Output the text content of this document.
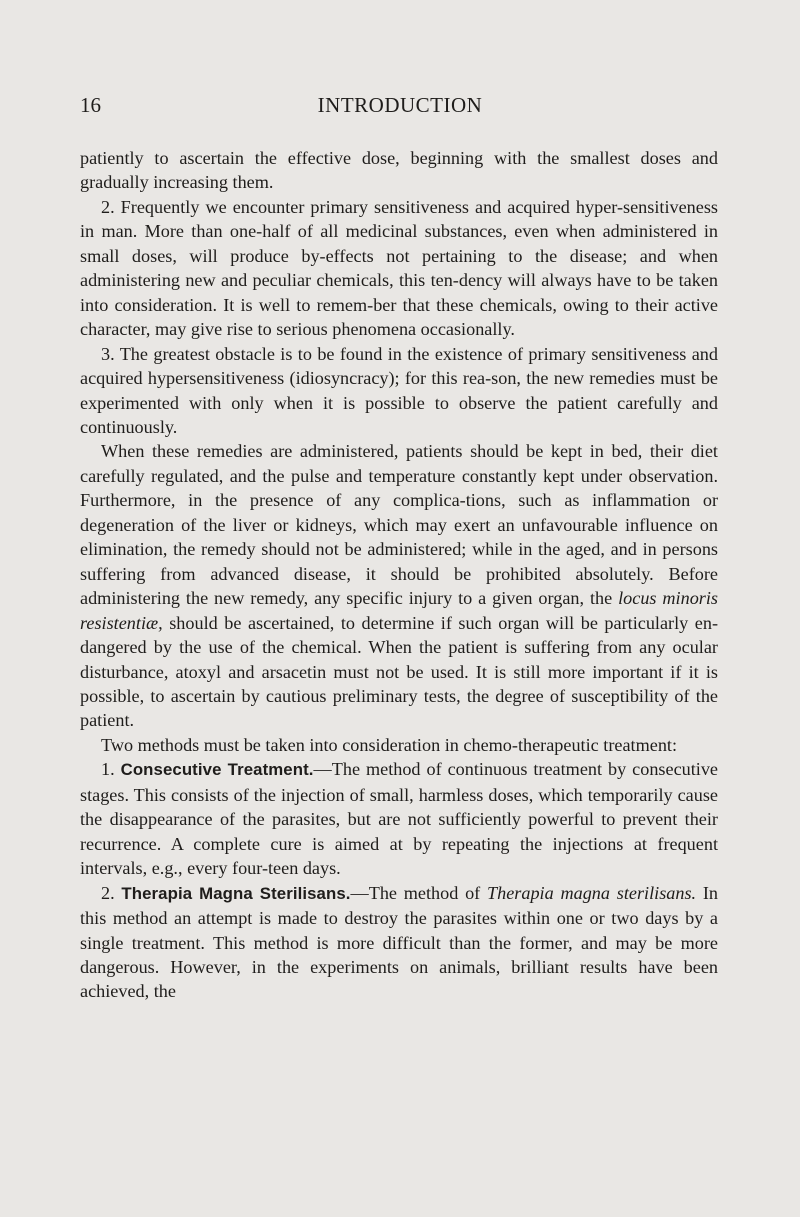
16	INTRODUCTION

patiently to ascertain the effective dose, beginning with the smallest doses and gradually increasing them.

2. Frequently we encounter primary sensitiveness and acquired hyper-sensitiveness in man. More than one-half of all medicinal substances, even when administered in small doses, will produce by-effects not pertaining to the disease; and when administering new and peculiar chemicals, this ten-dency will always have to be taken into consideration. It is well to remem-ber that these chemicals, owing to their active character, may give rise to serious phenomena occasionally.

3. The greatest obstacle is to be found in the existence of primary sensitiveness and acquired hypersensitiveness (idiosyncracy); for this rea-son, the new remedies must be experimented with only when it is possible to observe the patient carefully and continuously.

When these remedies are administered, patients should be kept in bed, their diet carefully regulated, and the pulse and temperature constantly kept under observation. Furthermore, in the presence of any complica-tions, such as inflammation or degeneration of the liver or kidneys, which may exert an unfavourable influence on elimination, the remedy should not be administered; while in the aged, and in persons suffering from advanced disease, it should be prohibited absolutely. Before administering the new remedy, any specific injury to a given organ, the locus minoris resistentiæ, should be ascertained, to determine if such organ will be particularly en-dangered by the use of the chemical. When the patient is suffering from any ocular disturbance, atoxyl and arsacetin must not be used. It is still more important if it is possible, to ascertain by cautious preliminary tests, the degree of susceptibility of the patient.

Two methods must be taken into consideration in chemo-therapeutic treatment:

1. Consecutive Treatment.—The method of continuous treatment by consecutive stages. This consists of the injection of small, harmless doses, which temporarily cause the disappearance of the parasites, but are not sufficiently powerful to prevent their recurrence. A complete cure is aimed at by repeating the injections at frequent intervals, e.g., every four-teen days.

2. Therapia Magna Sterilisans.—The method of Therapia magna sterilisans. In this method an attempt is made to destroy the parasites within one or two days by a single treatment. This method is more difficult than the former, and may be more dangerous. However, in the experiments on animals, brilliant results have been achieved, the
